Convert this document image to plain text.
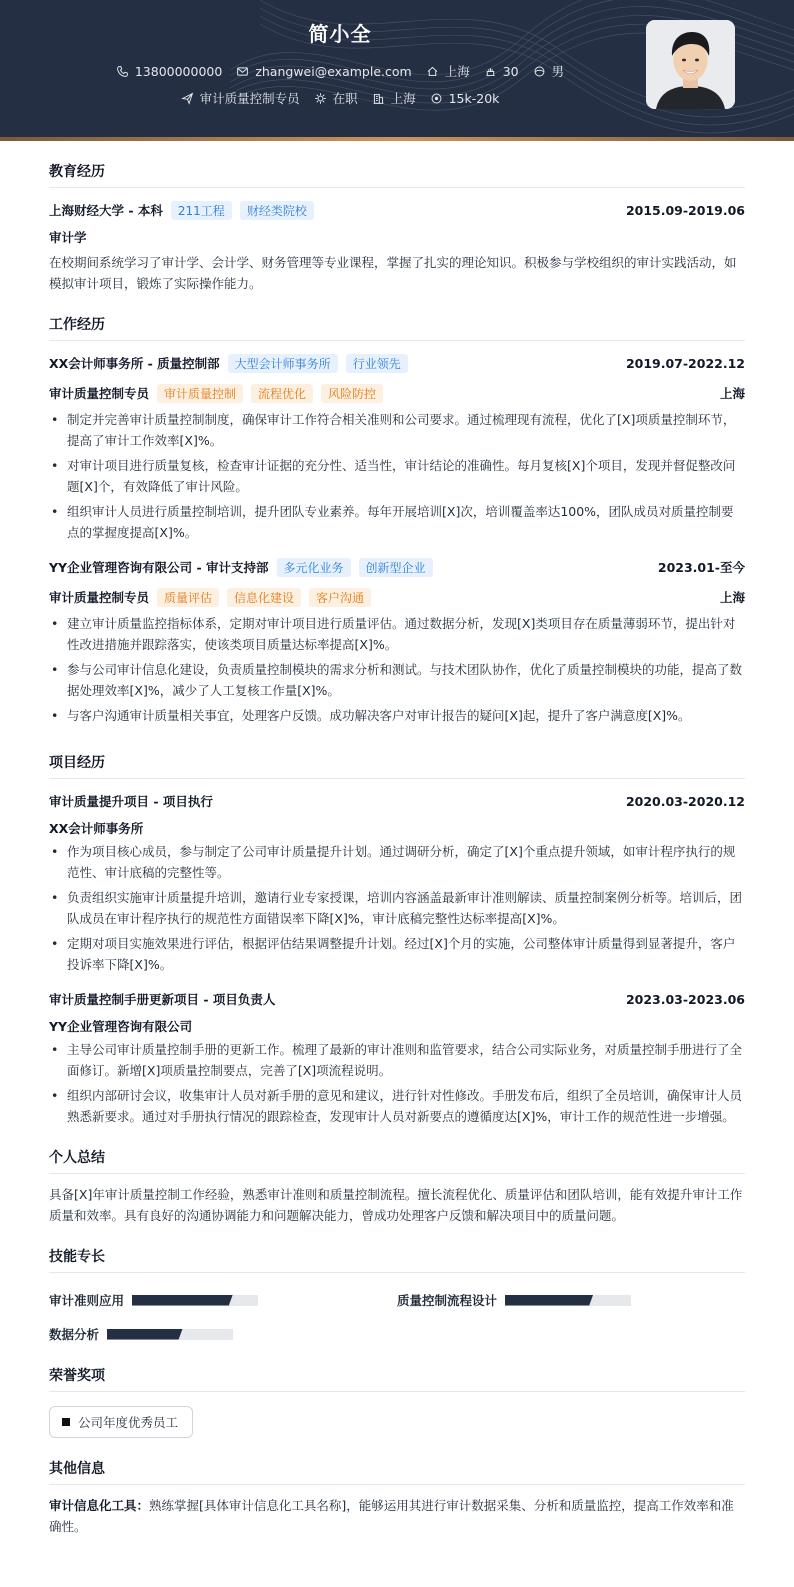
简小全
13800000000	zhangwei@example.com	上海	30	男
审计质量控制专员	在职	上海	15k-20k
教育经历
上海财经大学 - 本科	211工程	财经类院校	2015.09-2019.06
审计学

在校期间系统学习了审计学、会计学、财务管理等专业课程，掌握了扎实的理论知识。积极参与学校组织的审计实践活动，如模拟审计项目，锻炼了实际操作能力。

工作经历
XX会计师事务所 - 质量控制部	大型会计师事务所	行业领先	2019.07-2022.12
审计质量控制专员	审计质量控制	流程优化	风险防控	上海
• 制定并完善审计质量控制制度，确保审计工作符合相关准则和公司要求。通过梳理现有流程，优化了[X]项质量控制环节，提高了审计工作效率[X]%。
• 对审计项目进行质量复核，检查审计证据的充分性、适当性，审计结论的准确性。每月复核[X]个项目，发现并督促整改问题[X]个，有效降低了审计风险。
• 组织审计人员进行质量控制培训，提升团队专业素养。每年开展培训[X]次，培训覆盖率达100%，团队成员对质量控制要点的掌握度提高[X]%。
YY企业管理咨询有限公司 - 审计支持部	多元化业务	创新型企业	2023.01-至今
审计质量控制专员	质量评估	信息化建设	客户沟通	上海
• 建立审计质量监控指标体系，定期对审计项目进行质量评估。通过数据分析，发现[X]类项目存在质量薄弱环节，提出针对性改进措施并跟踪落实，使该类项目质量达标率提高[X]%。
• 参与公司审计信息化建设，负责质量控制模块的需求分析和测试。与技术团队协作，优化了质量控制模块的功能，提高了数据处理效率[X]%，减少了人工复核工作量[X]%。
• 与客户沟通审计质量相关事宜，处理客户反馈。成功解决客户对审计报告的疑问[X]起，提升了客户满意度[X]%。
项目经历
审计质量提升项目 - 项目执行	2020.03-2020.12
XX会计师事务所
• 作为项目核心成员，参与制定了公司审计质量提升计划。通过调研分析，确定了[X]个重点提升领域，如审计程序执行的规范性、审计底稿的完整性等。
• 负责组织实施审计质量提升培训，邀请行业专家授课，培训内容涵盖最新审计准则解读、质量控制案例分析等。培训后，团队成员在审计程序执行的规范性方面错误率下降[X]%，审计底稿完整性达标率提高[X]%。
• 定期对项目实施效果进行评估，根据评估结果调整提升计划。经过[X]个月的实施，公司整体审计质量得到显著提升，客户投诉率下降[X]%。
审计质量控制手册更新项目 - 项目负责人	2023.03-2023.06
YY企业管理咨询有限公司
• 主导公司审计质量控制手册的更新工作。梳理了最新的审计准则和监管要求，结合公司实际业务，对质量控制手册进行了全面修订。新增[X]项质量控制要点，完善了[X]项流程说明。
• 组织内部研讨会议，收集审计人员对新手册的意见和建议，进行针对性修改。手册发布后，组织了全员培训，确保审计人员熟悉新要求。通过对手册执行情况的跟踪检查，发现审计人员对新要点的遵循度达[X]%，审计工作的规范性进一步增强。
个人总结

具备[X]年审计质量控制工作经验，熟悉审计准则和质量控制流程。擅长流程优化、质量评估和团队培训，能有效提升审计工作质量和效率。具有良好的沟通协调能力和问题解决能力，曾成功处理客户反馈和解决项目中的质量问题。

技能专长
审计准则应用	质量控制流程设计
数据分析
荣誉奖项
公司年度优秀员工
其他信息
审计信息化工具：熟练掌握[具体审计信息化工具名称]，能够运用其进行审计数据采集、分析和质量监控，提高工作效率和准确性。
